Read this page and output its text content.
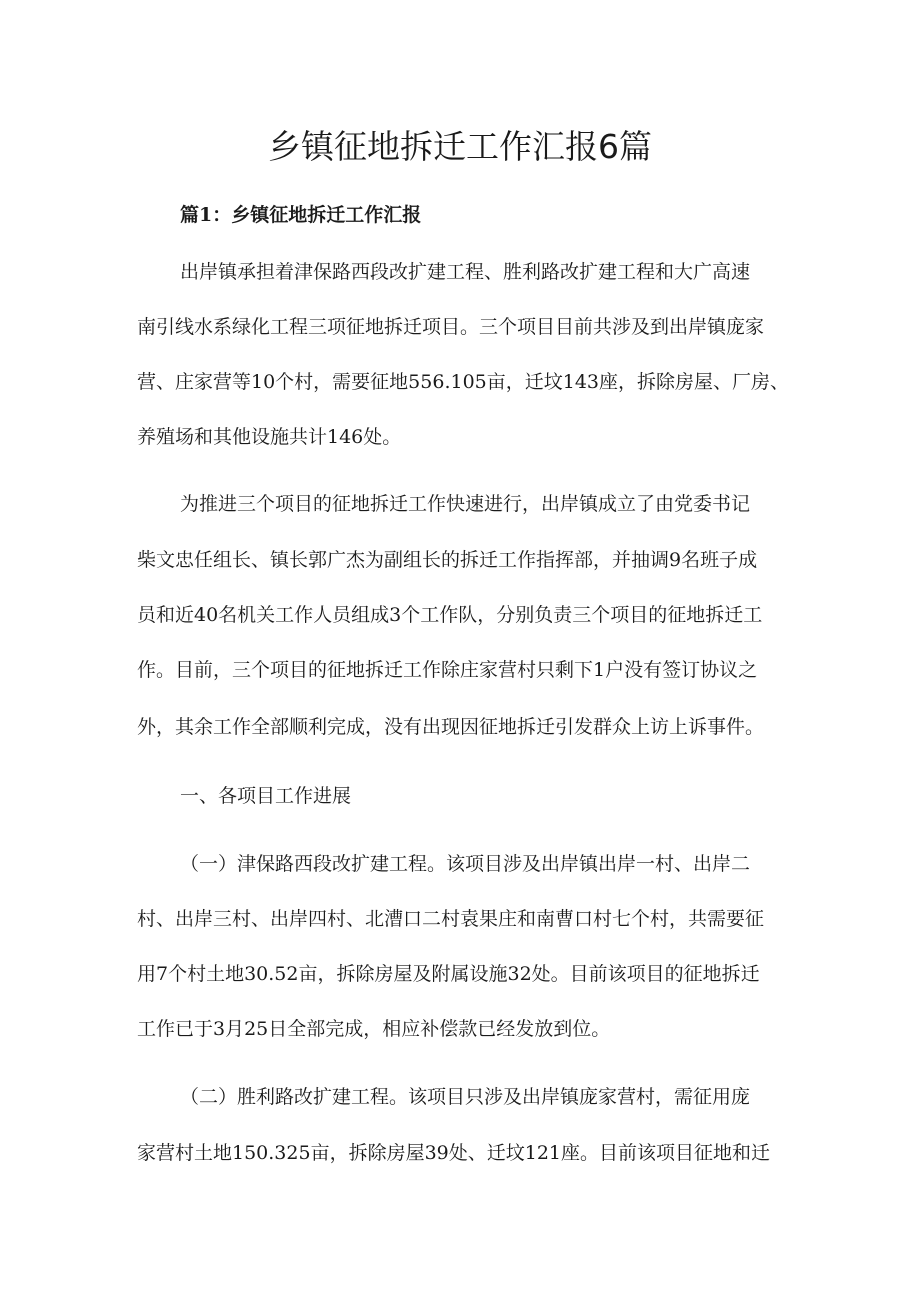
乡镇征地拆迁工作汇报6篇
篇1：乡镇征地拆迁工作汇报

出岸镇承担着津保路西段改扩建工程、胜利路改扩建工程和大广高速

南引线水系绿化工程三项征地拆迁项目。三个项目目前共涉及到出岸镇庞家

营、庄家营等10个村，需要征地556.105亩，迁坟143座，拆除房屋、厂房、

养殖场和其他设施共计146处。

为推进三个项目的征地拆迁工作快速进行，出岸镇成立了由党委书记

柴文忠任组长、镇长郭广杰为副组长的拆迁工作指挥部，并抽调9名班子成

员和近40名机关工作人员组成3个工作队，分别负责三个项目的征地拆迁工

作。目前，三个项目的征地拆迁工作除庄家营村只剩下1户没有签订协议之

外，其余工作全部顺利完成，没有出现因征地拆迁引发群众上访上诉事件。

一、各项目工作进展

（一）津保路西段改扩建工程。该项目涉及出岸镇出岸一村、出岸二

村、出岸三村、出岸四村、北漕口二村袁果庄和南曹口村七个村，共需要征

用7个村土地30.52亩，拆除房屋及附属设施32处。目前该项目的征地拆迁

工作已于3月25日全部完成，相应补偿款已经发放到位。

（二）胜利路改扩建工程。该项目只涉及出岸镇庞家营村，需征用庞

家营村土地150.325亩，拆除房屋39处、迁坟121座。目前该项目征地和迁
